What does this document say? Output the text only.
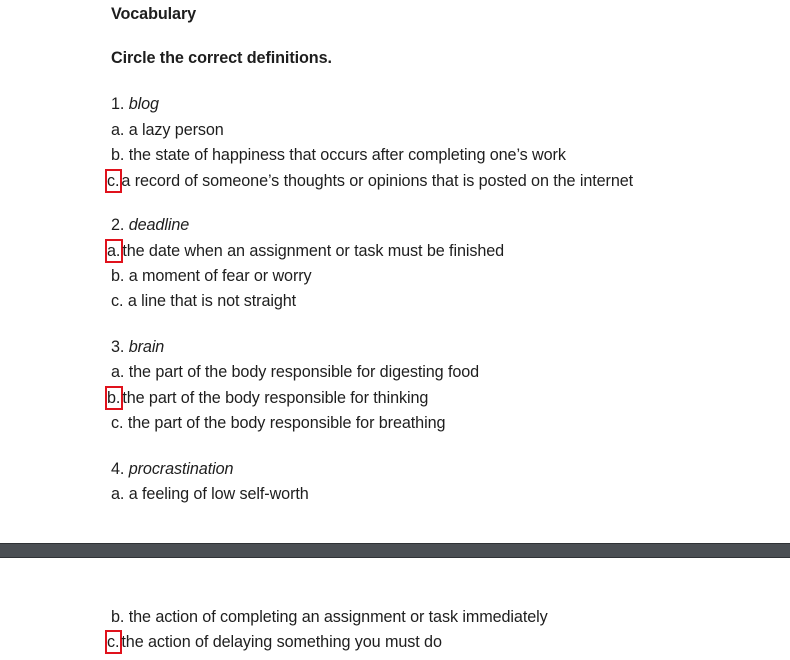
Vocabulary
Circle the correct definitions.
1. blog
a. a lazy person
b. the state of happiness that occurs after completing one’s work
c. a record of someone’s thoughts or opinions that is posted on the internet
2. deadline
a. the date when an assignment or task must be finished
b. a moment of fear or worry
c. a line that is not straight
3. brain
a. the part of the body responsible for digesting food
b. the part of the body responsible for thinking
c. the part of the body responsible for breathing
4. procrastination
a. a feeling of low self-worth
b. the action of completing an assignment or task immediately
c. the action of delaying something you must do
